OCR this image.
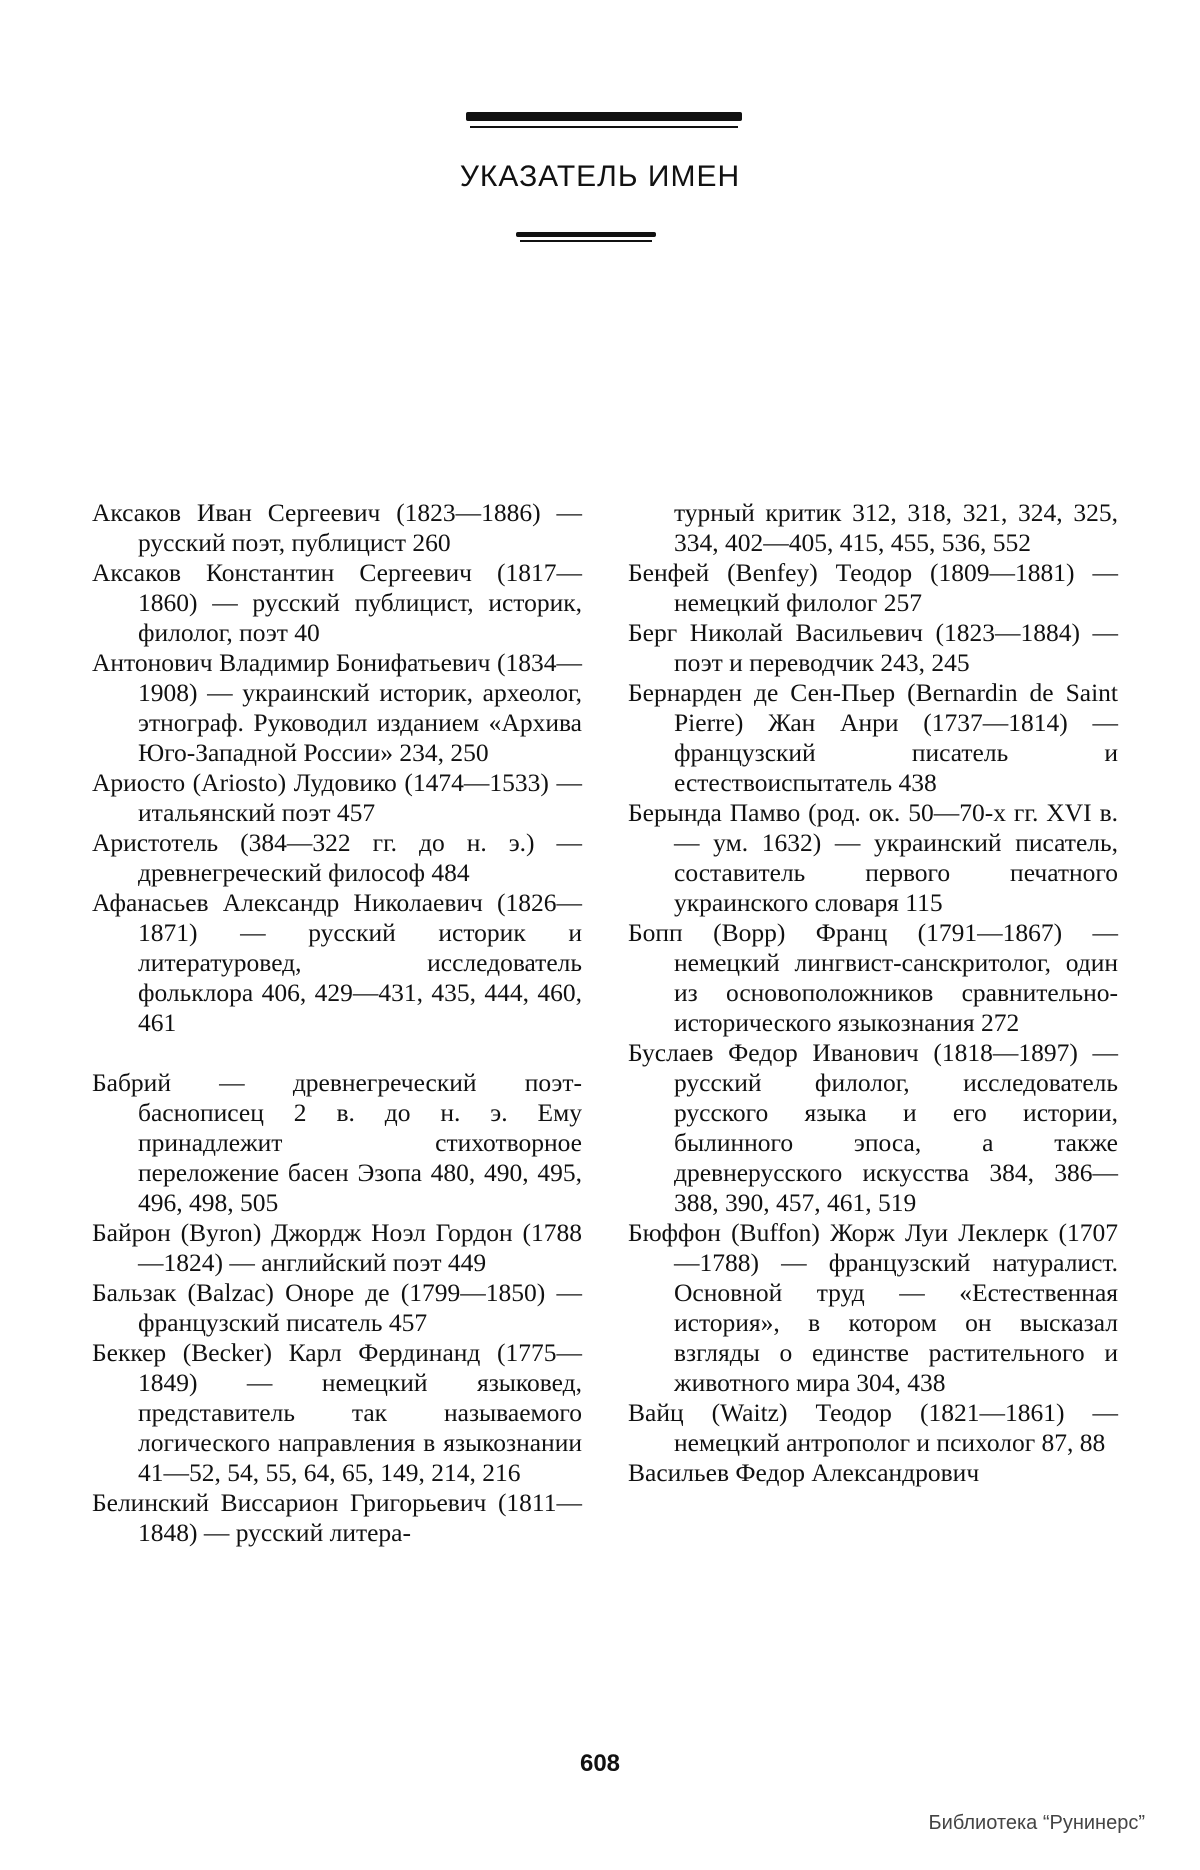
УКАЗАТЕЛЬ ИМЕН

Аксаков Иван Сергеевич (1823—1886) — русский поэт, публицист 260

Аксаков Константин Сергеевич (1817—1860) — русский публицист, историк, филолог, поэт 40

Антонович Владимир Бонифатьевич (1834—1908) — украинский историк, археолог, этнограф. Руководил изданием «Архива Юго-Западной России» 234, 250

Ариосто (Ariosto) Лудовико (1474—1533) — итальянский поэт 457

Аристотель (384—322 гг. до н. э.) — древнегреческий философ 484

Афанасьев Александр Николаевич (1826—1871) — русский историк и литературовед, исследователь фольклора 406, 429—431, 435, 444, 460, 461

Бабрий — древнегреческий поэт-баснописец 2 в. до н. э. Ему принадлежит стихотворное переложение басен Эзопа 480, 490, 495, 496, 498, 505

Байрон (Byron) Джордж Ноэл Гордон (1788—1824) — английский поэт 449

Бальзак (Balzac) Оноре де (1799—1850) — французский писатель 457

Беккер (Becker) Карл Фердинанд (1775—1849) — немецкий языковед, представитель так называемого логического направления в языкознании 41—52, 54, 55, 64, 65, 149, 214, 216

Белинский Виссарион Григорьевич (1811—1848) — русский литера-

турный критик 312, 318, 321, 324, 325, 334, 402—405, 415, 455, 536, 552

Бенфей (Benfey) Теодор (1809—1881) — немецкий филолог 257

Берг Николай Васильевич (1823—1884) — поэт и переводчик 243, 245

Бернарден де Сен-Пьер (Bernardin de Saint Pierre) Жан Анри (1737—1814) — французский писатель и естествоиспытатель 438

Берында Памво (род. ок. 50—70-х гг. XVI в. — ум. 1632) — украинский писатель, составитель первого печатного украинского словаря 115

Бопп (Bopp) Франц (1791—1867) — немецкий лингвист-санскритолог, один из основоположников сравнительно-исторического языкознания 272

Буслаев Федор Иванович (1818—1897) — русский филолог, исследователь русского языка и его истории, былинного эпоса, а также древнерусского искусства 384, 386—388, 390, 457, 461, 519

Бюффон (Buffon) Жорж Луи Леклерк (1707—1788) — французский натуралист. Основной труд — «Естественная история», в котором он высказал взгляды о единстве растительного и животного мира 304, 438

Вайц (Waitz) Теодор (1821—1861) — немецкий антрополог и психолог 87, 88

Васильев Федор Александрович

608
Библиотека “Рунинерс”
